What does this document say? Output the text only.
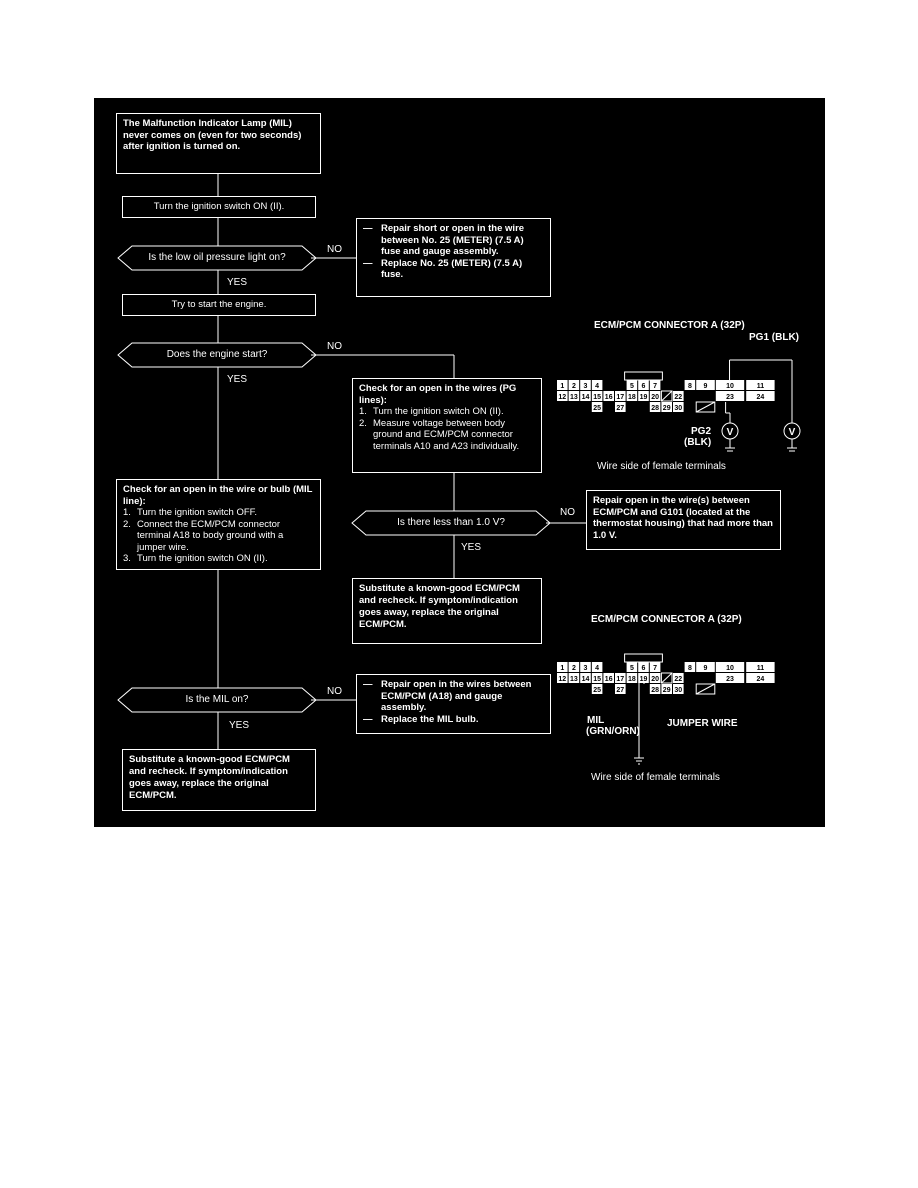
The Malfunction Indicator Lamp (MIL) never comes on (even for two seconds) after ignition is turned on.
Turn the ignition switch ON (II).
Is the low oil pressure light on?
NO
YES
— Repair short or open in the wire between No. 25 (METER) (7.5 A) fuse and gauge assembly.
— Replace No. 25 (METER) (7.5 A) fuse.
Try to start the engine.
Does the engine start?
NO
YES
Check for an open in the wires (PG lines):
1. Turn the ignition switch ON (II).
2. Measure voltage between body ground and ECM/PCM connector terminals A10 and A23 individually.
Check for an open in the wire or bulb (MIL line):
1. Turn the ignition switch OFF.
2. Connect the ECM/PCM connector terminal A18 to body ground with a jumper wire.
3. Turn the ignition switch ON (II).
Is there less than 1.0 V?
NO
YES
Repair open in the wire(s) between ECM/PCM and G101 (located at the thermostat housing) that had more than 1.0 V.
Substitute a known-good ECM/PCM and recheck. If symptom/indication goes away, replace the original ECM/PCM.
Is the MIL on?
NO
YES
— Repair open in the wires between ECM/PCM (A18) and gauge assembly.
— Replace the MIL bulb.
Substitute a known-good ECM/PCM and recheck. If symptom/indication goes away, replace the original ECM/PCM.
ECM/PCM CONNECTOR A (32P)
PG1 (BLK)
1 2 3 4	5 6 7	8 9	10	11
12 13 14 15 16 17 18 19 20 22	23	24
25 27	28 29 30
V	V
PG2
(BLK)
Wire side of female terminals
ECM/PCM CONNECTOR A (32P)
1 2 3 4	5 6 7	8 9	10	11
12 13 14 15 16 17 18 19 20 22	23	24
25 27	28 29 30
MIL
(GRN/ORN)
JUMPER WIRE
Wire side of female terminals
